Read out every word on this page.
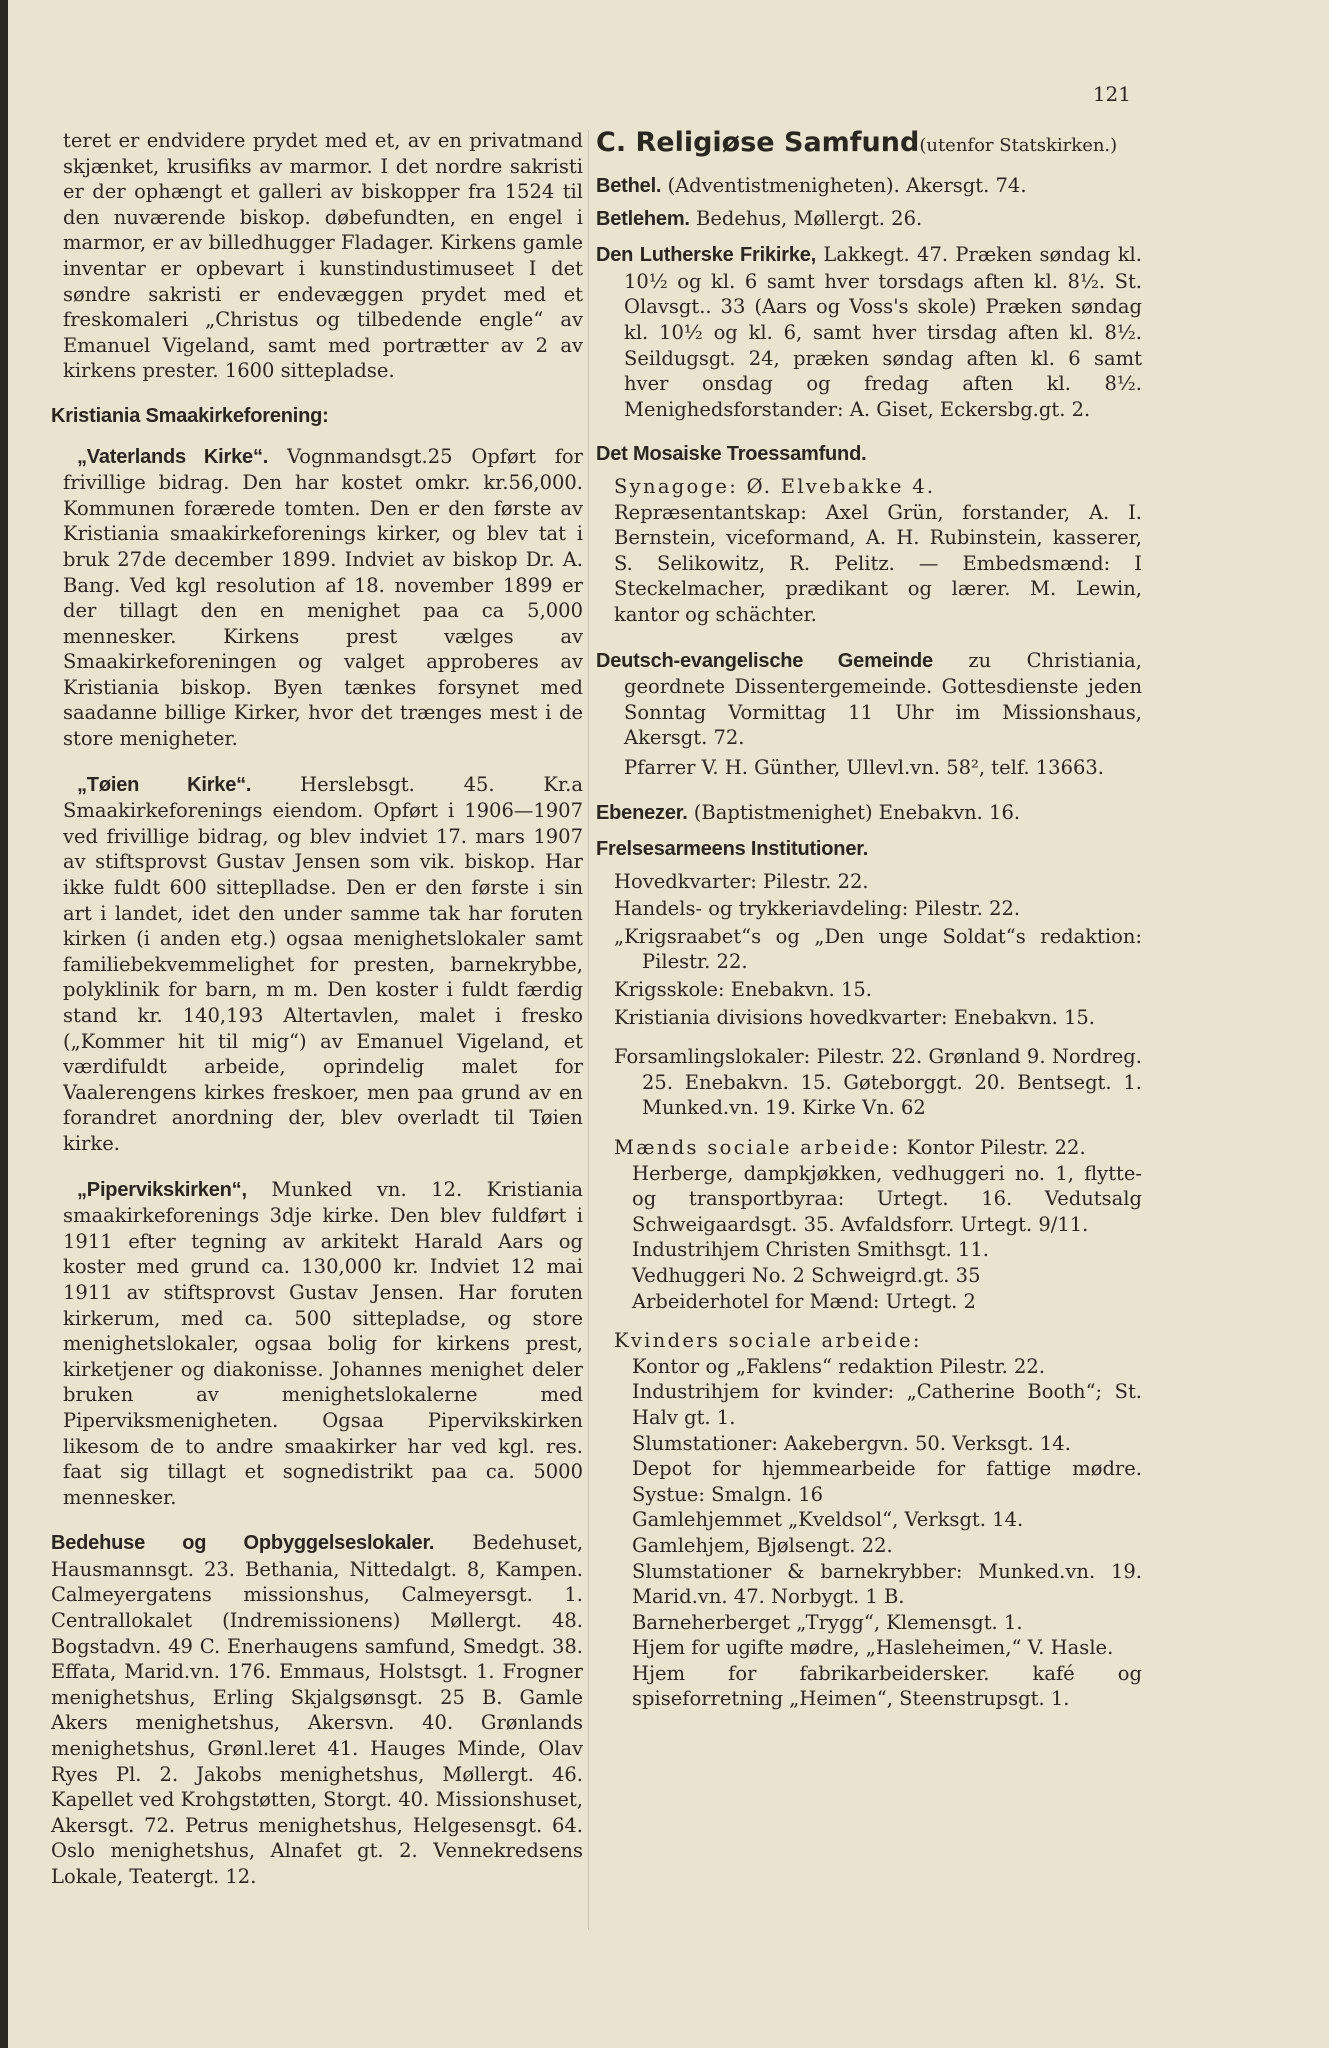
121

teret er endvidere prydet med et, av en privatmand skjænket, krusifiks av marmor. I det nordre sakristi er der ophængt et galleri av biskopper fra 1524 til den nuværende biskop. døbefundten, en engel i marmor, er av billedhugger Fladager. Kirkens gamle inventar er opbevart i kunstindustimuseet I det søndre sakristi er endevæggen prydet med et freskomaleri „Christus og tilbedende engle“ av Emanuel Vigeland, samt med portrætter av 2 av kirkens prester. 1600 sittepladse.

Kristiania Smaakirkeforening:

„Vaterlands Kirke“. Vognmandsgt.25 Opført for frivillige bidrag. Den har kostet omkr. kr.56,000. Kommunen forærede tomten. Den er den første av Kristiania smaakirkeforenings kirker, og blev tat i bruk 27de december 1899. Indviet av biskop Dr. A. Bang. Ved kgl resolution af 18. november 1899 er der tillagt den en menighet paa ca 5,000 mennesker. Kirkens prest vælges av Smaakirkeforeningen og valget approberes av Kristiania biskop. Byen tænkes forsynet med saadanne billige Kirker, hvor det trænges mest i de store menigheter.

„Tøien Kirke“.	Herslebsgt. 45. Kr.a Smaakirkeforenings eiendom. Opført i 1906—1907 ved frivillige bidrag, og blev indviet 17. mars 1907 av stiftsprovst Gustav Jensen som vik. biskop. Har ikke fuldt 600 sitteplladse. Den er den første i sin art i landet, idet den under samme tak har foruten kirken (i anden etg.) ogsaa menighetslokaler samt familiebekvemmelighet for presten, barnekrybbe, polyklinik for barn, m m. Den koster i fuldt færdig stand kr. 140,193 Altertavlen, malet i fresko („Kommer hit til mig“) av Emanuel Vigeland, et værdifuldt arbeide, oprindelig malet for Vaalerengens kirkes freskoer, men paa grund av en forandret anordning der, blev overladt til Tøien kirke.

„Pipervikskirken“, Munked vn. 12. Kristiania smaakirkeforenings 3dje kirke. Den blev fuldført i 1911 efter tegning av arkitekt Harald Aars og koster med grund ca. 130,000 kr. Indviet 12 mai 1911 av stiftsprovst Gustav Jensen. Har foruten kirkerum, med ca. 500 sittepladse, og store menighetslokaler, ogsaa bolig for kirkens prest, kirketjener og diakonisse. Johannes menighet deler bruken av menighetslokalerne med Piperviksmenigheten. Ogsaa Pipervikskirken likesom de to andre smaakirker har ved kgl. res. faat sig tillagt et sognedistrikt paa ca. 5000 mennesker.

Bedehuse og Opbyggelseslokaler. Bedehuset, Hausmannsgt. 23. Bethania, Nittedalgt. 8, Kampen. Calmeyergatens missionshus, Calmeyersgt. 1. Centrallokalet (Indremissionens) Møllergt. 48. Bogstadvn. 49 C. Enerhaugens samfund, Smedgt. 38. Effata, Marid.vn. 176. Emmaus, Holstsgt. 1. Frogner menighetshus, Erling Skjalgsønsgt. 25 B. Gamle Akers menighetshus, Akersvn. 40. Grønlands menighetshus, Grønl.leret 41. Hauges Minde, Olav Ryes Pl. 2. Jakobs menighetshus, Møllergt. 46. Kapellet ved Krohgstøtten, Storgt. 40. Missionshuset, Akersgt. 72. Petrus menighetshus, Helgesensgt. 64. Oslo menighetshus, Alnafet gt. 2. Vennekredsens Lokale, Teatergt. 12.

C. Religiøse Samfund(utenfor Statskirken.)

Bethel. (Adventistmenigheten). Akersgt. 74.

Betlehem. Bedehus, Møllergt. 26.

Den Lutherske Frikirke, Lakkegt. 47. Præken søndag kl. 10½ og kl. 6 samt hver torsdags aften kl. 8½. St. Olavsgt.. 33 (Aars og Voss's skole) Præken søndag kl. 10½ og kl. 6, samt hver tirsdag aften kl. 8½. Seildugsgt. 24, præken søndag aften kl. 6 samt hver onsdag og fredag aften kl. 8½. Menighedsforstander: A. Giset, Eckersbg.gt. 2.

Det Mosaiske Troessamfund.

Synagoge: Ø. Elvebakke 4.
Repræsentantskap: Axel Grün, forstander, A. I. Bernstein, viceformand, A. H. Rubinstein, kasserer, S. Selikowitz, R. Pelitz. — Embedsmænd: I Steckelmacher, prædikant og lærer. M. Lewin, kantor og schächter.

Deutsch-evangelische Gemeinde zu Christiania, geordnete Dissentergemeinde. Gottesdienste jeden Sonntag Vormittag 11 Uhr im Missionshaus, Akersgt. 72.

Pfarrer V. H. Günther, Ullevl.vn. 58², telf. 13663.

Ebenezer. (Baptistmenighet) Enebakvn. 16.

Frelsesarmeens Institutioner.

Hovedkvarter: Pilestr. 22.

Handels- og trykkeriavdeling: Pilestr. 22.

„Krigsraabet“s og „Den unge Soldat“s redaktion: Pilestr. 22.

Krigsskole: Enebakvn. 15.

Kristiania divisions hovedkvarter: Enebakvn. 15.

Forsamlingslokaler: Pilestr. 22. Grønland 9. Nordreg. 25. Enebakvn. 15. Gøteborggt. 20. Bentsegt. 1. Munked.vn. 19. Kirke Vn. 62

Mænds sociale arbeide: Kontor Pilestr. 22.
Herberge, dampkjøkken, vedhuggeri no. 1, flytte- og transportbyraa: Urtegt. 16. Vedutsalg Schweigaardsgt. 35. Avfaldsforr. Urtegt. 9/11.
Industrihjem Christen Smithsgt. 11.
Vedhuggeri No. 2 Schweigrd.gt. 35
Arbeiderhotel for Mænd: Urtegt. 2
Kvinders sociale arbeide:
Kontor og „Faklens“ redaktion Pilestr. 22.
Industrihjem for kvinder: „Catherine Booth“; St. Halv gt. 1.
Slumstationer: Aakebergvn. 50. Verksgt. 14.
Depot for hjemmearbeide for fattige mødre. Systue: Smalgn. 16
Gamlehjemmet „Kveldsol“, Verksgt. 14.
Gamlehjem, Bjølsengt. 22.
Slumstationer & barnekrybber: Munked.vn. 19. Marid.vn. 47. Norbygt. 1 B.
Barneherberget „Trygg“, Klemensgt. 1.
Hjem for ugifte mødre, „Hasleheimen,“ V. Hasle.
Hjem for fabrikarbeidersker. kafé og spiseforretning „Heimen“, Steenstrupsgt. 1.
